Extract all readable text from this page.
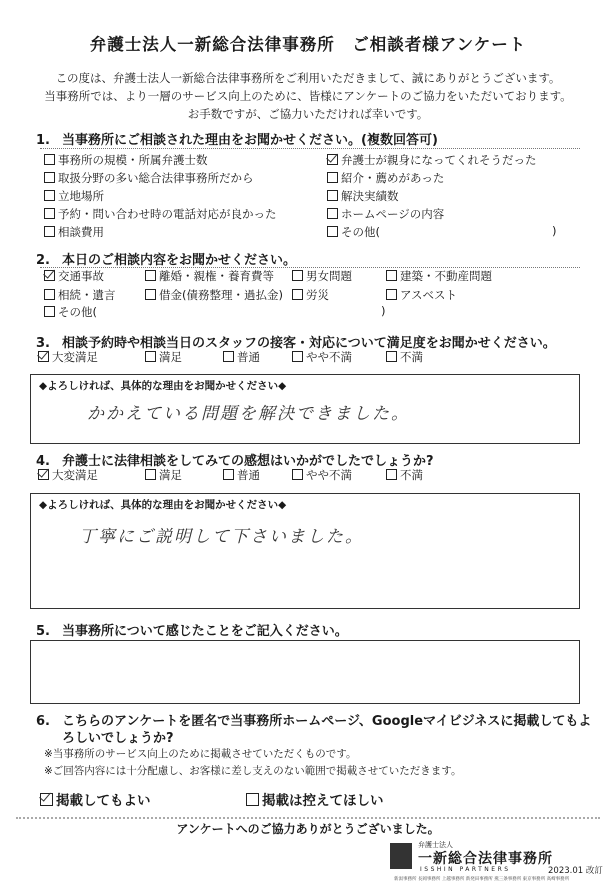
弁護士法人一新総合法律事務所　ご相談者様アンケート
この度は、弁護士法人一新総合法律事務所をご利用いただきまして、誠にありがとうございます。
当事務所では、より一層のサービス向上のために、皆様にアンケートのご協力をいただいております。
お手数ですが、ご協力いただければ幸いです。
1. 当事務所にご相談された理由をお聞かせください。(複数回答可)
事務所の規模・所属弁護士数
取扱分野の多い総合法律事務所だから
立地場所
予約・問い合わせ時の電話対応が良かった
相談費用
弁護士が親身になってくれそうだった
紹介・薦めがあった
解決実績数
ホームページの内容
その他(	)
2. 本日のご相談内容をお聞かせください。
交通事故	離婚・親権・養育費等	男女問題	建築・不動産問題
相続・遺言	借金(債務整理・過払金)	労災	アスベスト
その他(	)
3. 相談予約時や相談当日のスタッフの接客・対応について満足度をお聞かせください。
大変満足	満足	普通	やや不満	不満
◆よろしければ、具体的な理由をお聞かせください◆
かかえている問題を解決できました。
4. 弁護士に法律相談をしてみての感想はいかがでしたでしょうか?
大変満足	満足	普通	やや不満	不満
◆よろしければ、具体的な理由をお聞かせください◆
丁寧にご説明して下さいました。
5. 当事務所について感じたことをご記入ください。
6. こちらのアンケートを匿名で当事務所ホームページ、Googleマイビジネスに掲載してもよ
ろしいでしょうか?
※当事務所のサービス向上のために掲載させていただくものです。
※ご回答内容には十分配慮し、お客様に差し支えのない範囲で掲載させていただきます。
掲載してもよい	掲載は控えてほしい
アンケートへのご協力ありがとうございました。
弁護士法人
一新総合法律事務所
ISSHIN PARTNERS
新潟事務所 長岡事務所 上越事務所 新発田事務所 燕三条事務所 東京事務所 高崎事務所
2023.01 改訂
